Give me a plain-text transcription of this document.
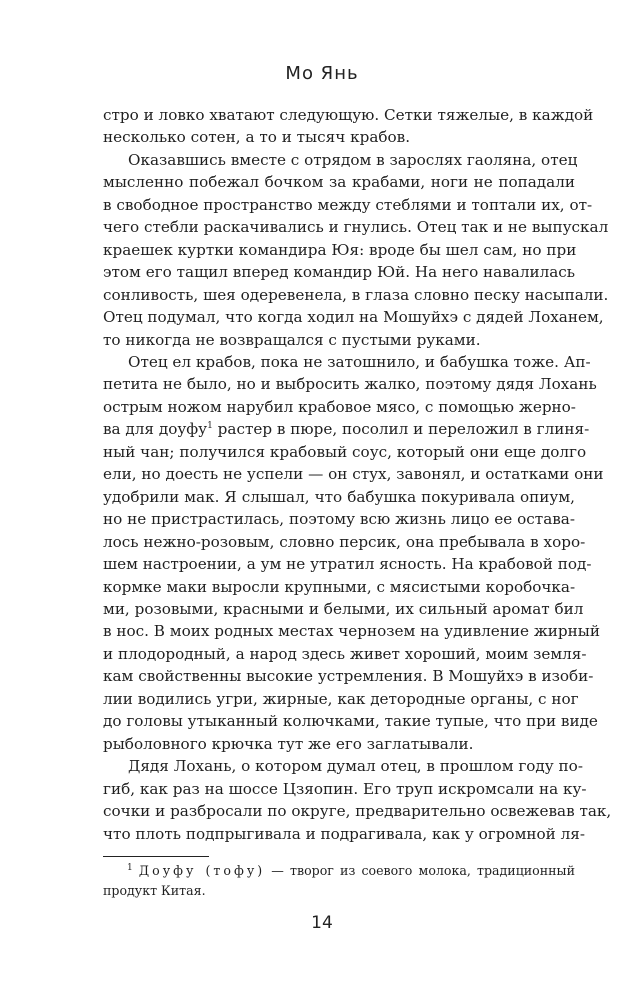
Мо Янь
стро и ловко хватают следующую. Сетки тяжелые, в каждой
несколько сотен, а то и тысяч крабов.
Оказавшись вместе с отрядом в зарослях гаоляна, отец
мысленно побежал бочком за крабами, ноги не попадали
в свободное пространство между стеблями и топтали их, от-
чего стебли раскачивались и гнулись. Отец так и не выпускал
краешек куртки командира Юя: вроде бы шел сам, но при
этом его тащил вперед командир Юй. На него навалилась
сонливость, шея одеревенела, в глаза словно песку насыпали.
Отец подумал, что когда ходил на Мошуйхэ с дядей Лоханем,
то никогда не возвращался с пустыми руками.
Отец ел крабов, пока не затошнило, и бабушка тоже. Ап-
петита не было, но и выбросить жалко, поэтому дядя Лохань
острым ножом нарубил крабовое мясо, с помощью жерно-
ва для доуфу$^1$ растер в пюре, посолил и переложил в глиня-
ный чан; получился крабовый соус, который они еще долго
ели, но доесть не успели — он стух, завонял, и остатками они
удобрили мак. Я слышал, что бабушка покуривала опиум,
но не пристрастилась, поэтому всю жизнь лицо ее оставa-
лось нежно-розовым, словно персик, она пребывала в хоро-
шем настроении, а ум не утратил ясность. На крабовой под-
кормке маки выросли крупными, с мясистыми коробочка-
ми, розовыми, красными и белыми, их сильный аромат бил
в нос. В моих родных местах чернозем на удивление жирный
и плодородный, а народ здесь живет хороший, моим земля-
кам свойственны высокие устремления. В Мошуйхэ в изоби-
лии водились угри, жирные, как детородные органы, с ног
до головы утыканный колючками, такие тупые, что при виде
рыболовного крючка тут же его заглатывали.
Дядя Лохань, о котором думал отец, в прошлом году по-
гиб, как раз на шоссе Цзяопин. Его труп искромсали на ку-
сочки и разбросали по округе, предварительно освежевав так,
что плоть подпрыгивала и подрагивала, как у огромной ля-
$^1$ Доуфу (тофу) — творог из соевого молока, традиционный
продукт Китая.
14
